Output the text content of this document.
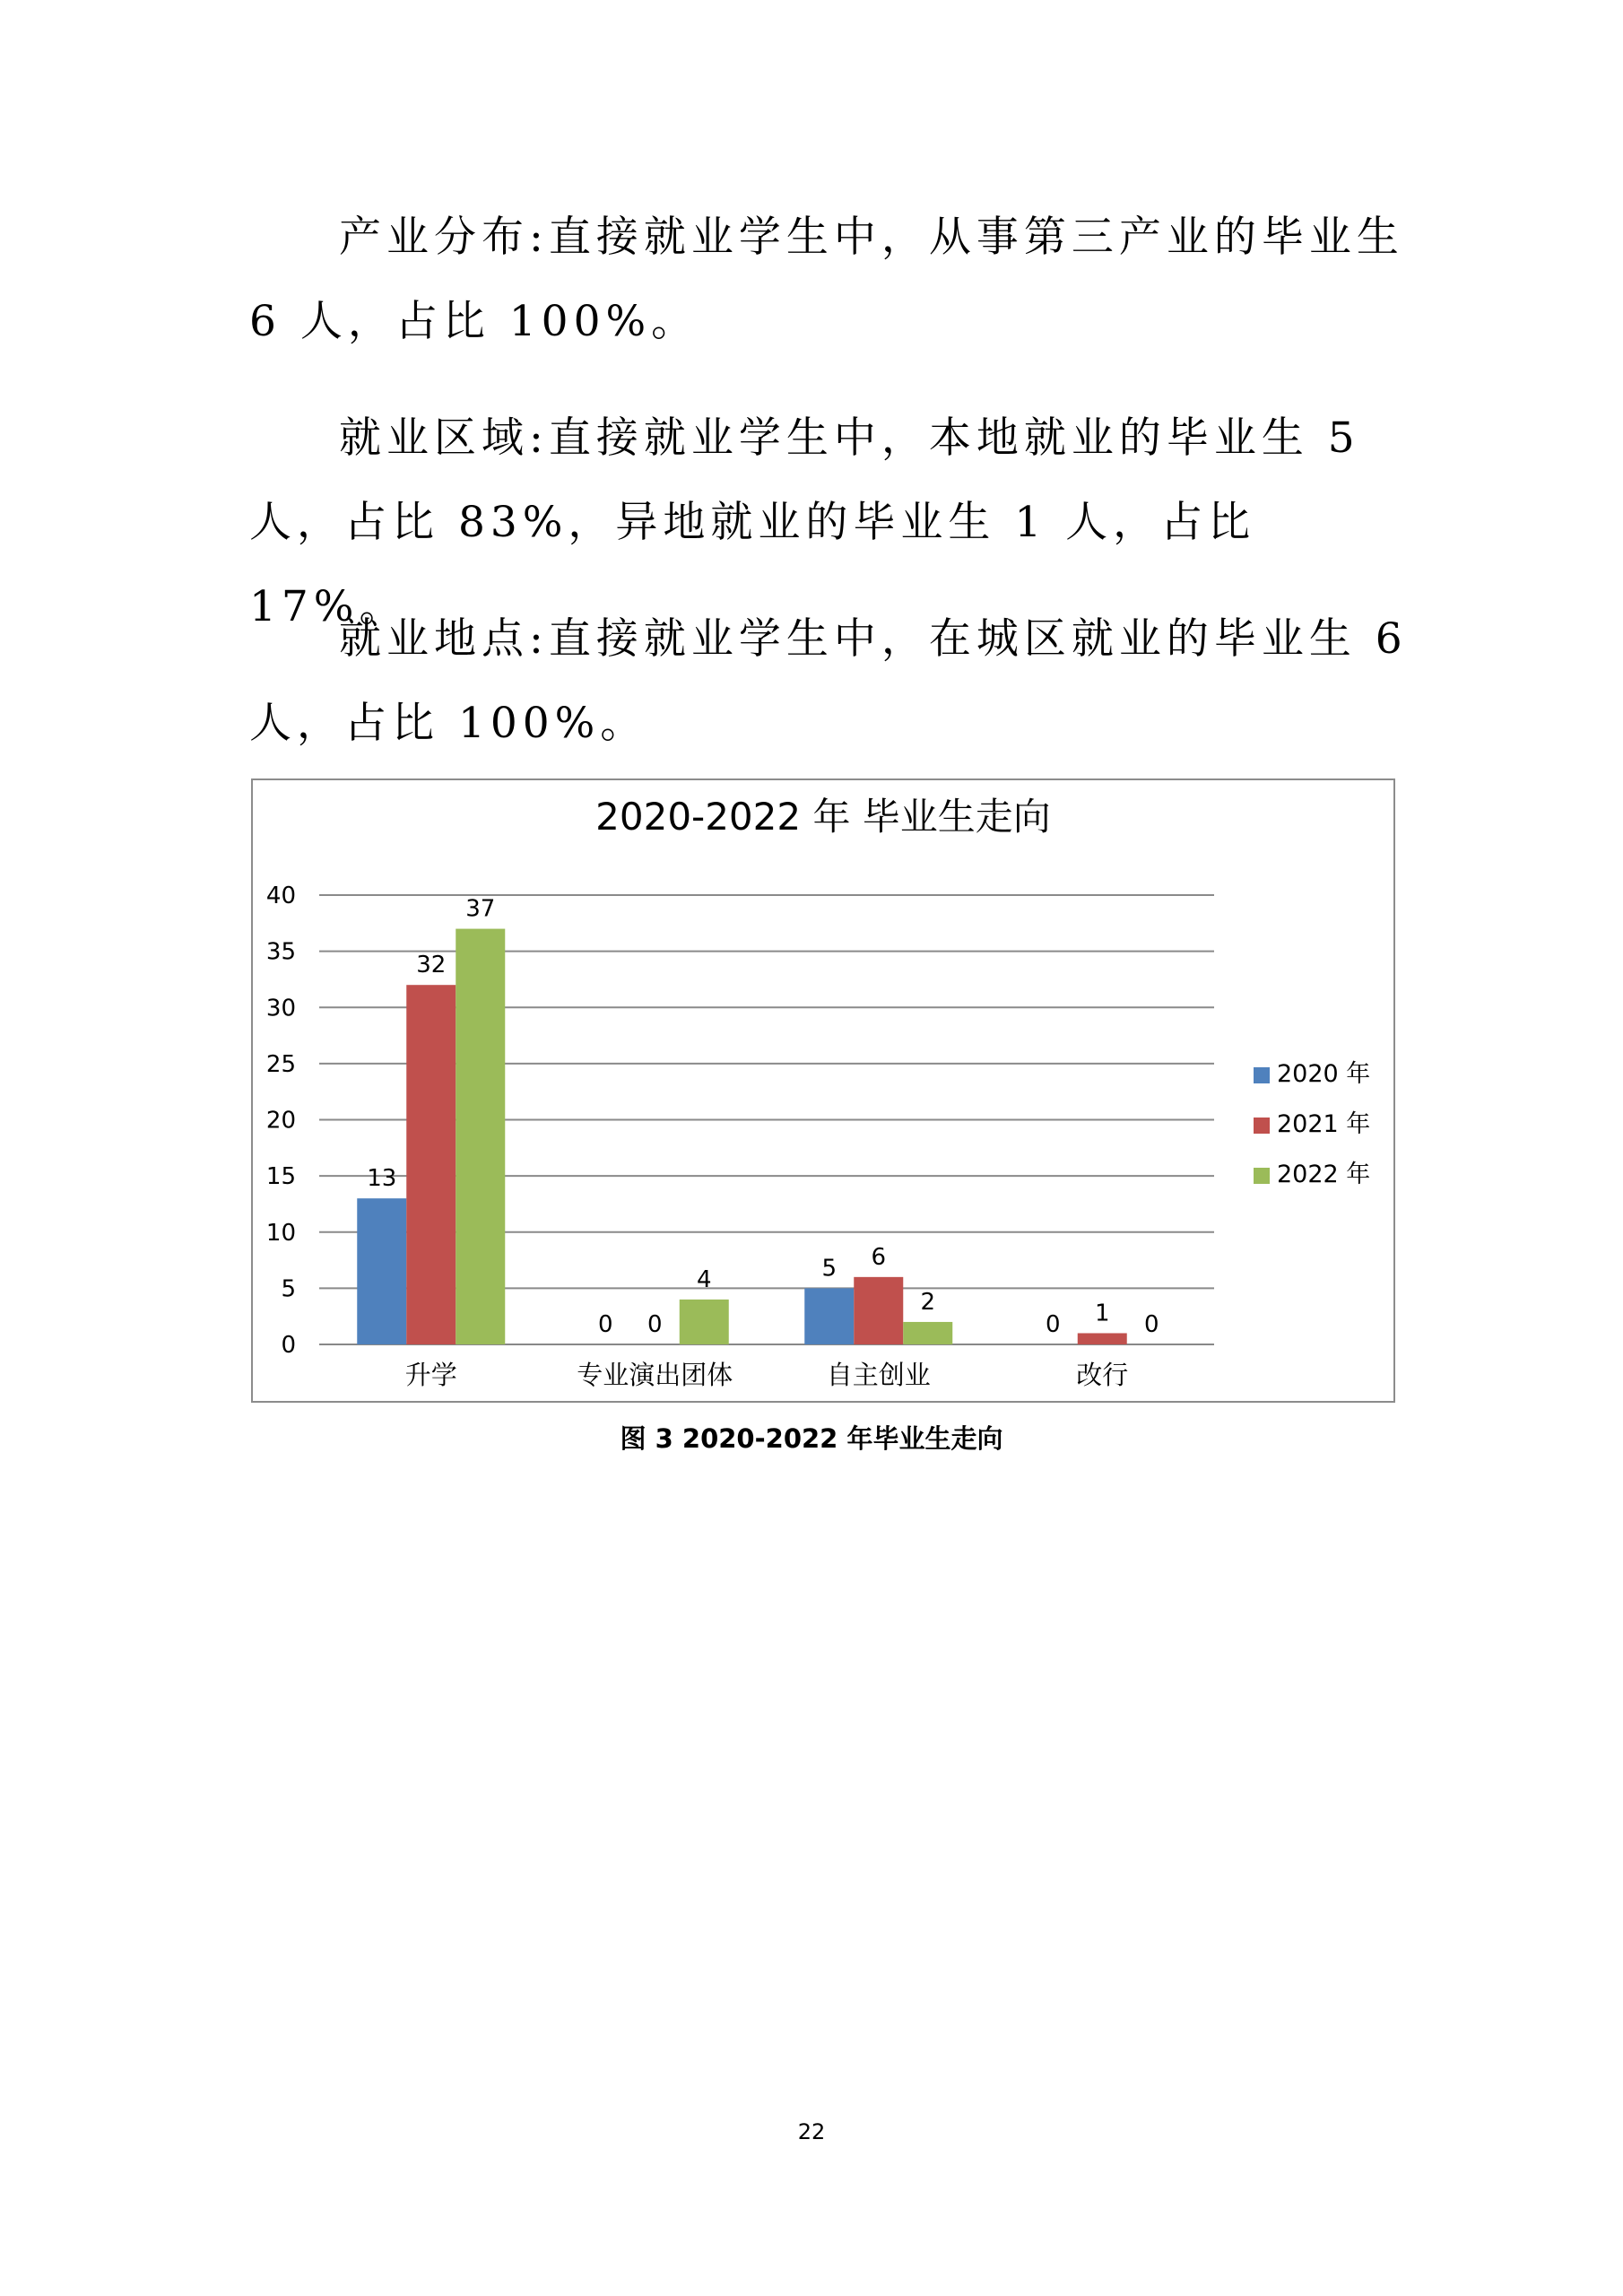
产业分布:直接就业学生中，从事第三产业的毕业生 6 人，占比 100%。

就业区域:直接就业学生中，本地就业的毕业生 5 人，占比 83%，异地就业的毕业生 1 人，占比 17%。

就业地点:直接就业学生中，在城区就业的毕业生 6 人，占比 100%。

2020-2022 年 毕业生走向
0
5
10
15
20
25
30
35
40
13
32
37
升学
0 0
4
专业演出团体
5 6
2
自主创业
0 1 0
改行
2020 年
2021 年
2022 年
图 3 2020-2022 年毕业生走向
22
